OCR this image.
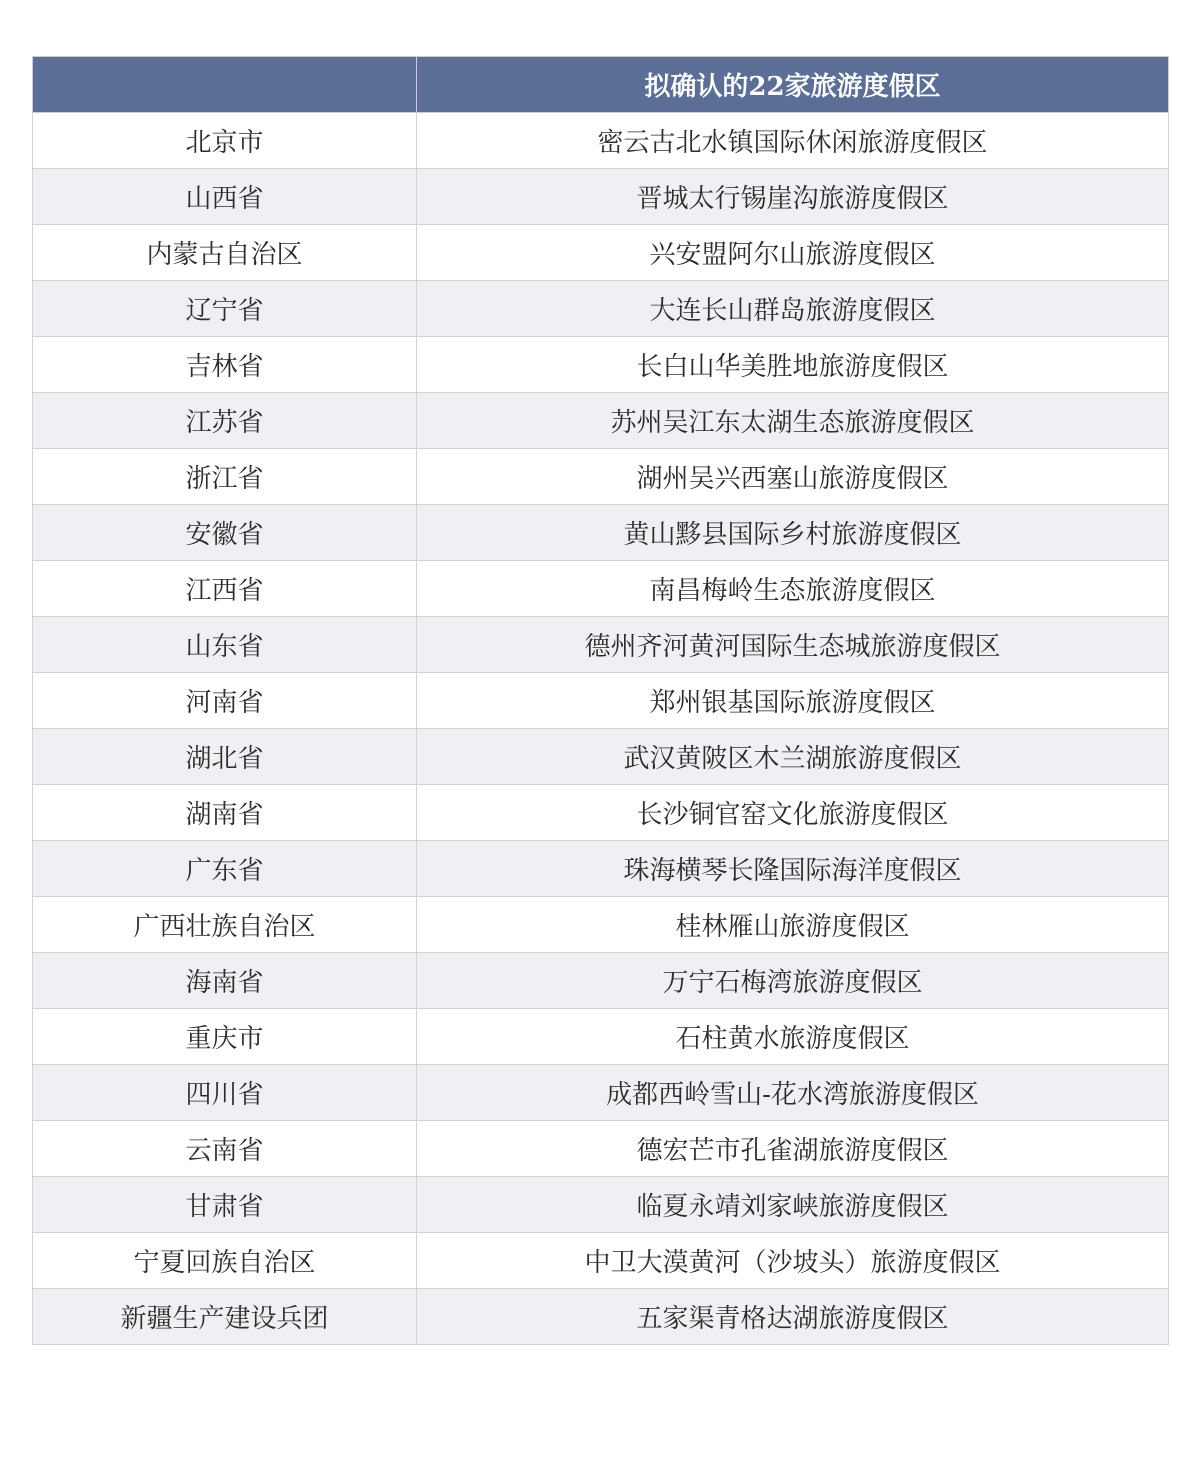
	拟确认的22家旅游度假区
北京市	密云古北水镇国际休闲旅游度假区
山西省	晋城太行锡崖沟旅游度假区
内蒙古自治区	兴安盟阿尔山旅游度假区
辽宁省	大连长山群岛旅游度假区
吉林省	长白山华美胜地旅游度假区
江苏省	苏州吴江东太湖生态旅游度假区
浙江省	湖州吴兴西塞山旅游度假区
安徽省	黄山黟县国际乡村旅游度假区
江西省	南昌梅岭生态旅游度假区
山东省	德州齐河黄河国际生态城旅游度假区
河南省	郑州银基国际旅游度假区
湖北省	武汉黄陂区木兰湖旅游度假区
湖南省	长沙铜官窑文化旅游度假区
广东省	珠海横琴长隆国际海洋度假区
广西壮族自治区	桂林雁山旅游度假区
海南省	万宁石梅湾旅游度假区
重庆市	石柱黄水旅游度假区
四川省	成都西岭雪山-花水湾旅游度假区
云南省	德宏芒市孔雀湖旅游度假区
甘肃省	临夏永靖刘家峡旅游度假区
宁夏回族自治区	中卫大漠黄河（沙坡头）旅游度假区
新疆生产建设兵团	五家渠青格达湖旅游度假区
